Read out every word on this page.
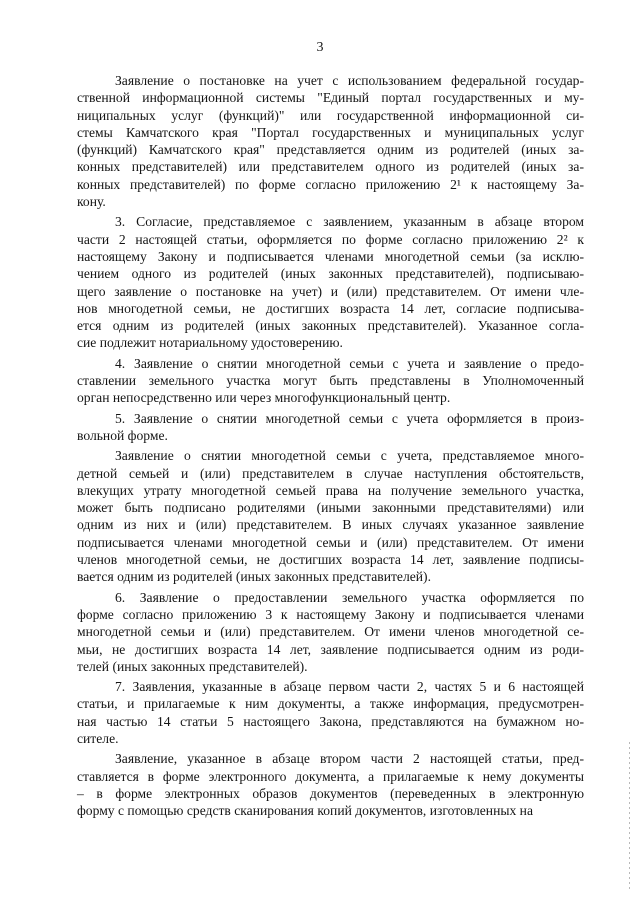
3

Заявление о постановке на учет с использованием федеральной государ-
ственной информационной системы "Единый портал государственных и му-
ниципальных услуг (функций)" или государственной информационной си-
стемы Камчатского края "Портал государственных и муниципальных услуг
(функций) Камчатского края" представляется одним из родителей (иных за-
конных представителей) или представителем одного из родителей (иных за-
конных представителей) по форме согласно приложению 2¹ к настоящему За-
кону.

3. Согласие, представляемое с заявлением, указанным в абзаце втором
части 2 настоящей статьи, оформляется по форме согласно приложению 2² к
настоящему Закону и подписывается членами многодетной семьи (за исклю-
чением одного из родителей (иных законных представителей), подписываю-
щего заявление о постановке на учет) и (или) представителем. От имени чле-
нов многодетной семьи, не достигших возраста 14 лет, согласие подписыва-
ется одним из родителей (иных законных представителей). Указанное согла-
сие подлежит нотариальному удостоверению.

4. Заявление о снятии многодетной семьи с учета и заявление о предо-
ставлении земельного участка могут быть представлены в Уполномоченный
орган непосредственно или через многофункциональный центр.

5. Заявление о снятии многодетной семьи с учета оформляется в произ-
вольной форме.

Заявление о снятии многодетной семьи с учета, представляемое много-
детной семьей и (или) представителем в случае наступления обстоятельств,
влекущих утрату многодетной семьей права на получение земельного участка,
может быть подписано родителями (иными законными представителями) или
одним из них и (или) представителем. В иных случаях указанное заявление
подписывается членами многодетной семьи и (или) представителем. От имени
членов многодетной семьи, не достигших возраста 14 лет, заявление подписы-
вается одним из родителей (иных законных представителей).

6. Заявление о предоставлении земельного участка оформляется по
форме согласно приложению 3 к настоящему Закону и подписывается членами
многодетной семьи и (или) представителем. От имени членов многодетной се-
мьи, не достигших возраста 14 лет, заявление подписывается одним из роди-
телей (иных законных представителей).

7. Заявления, указанные в абзаце первом части 2, частях 5 и 6 настоящей
статьи, и прилагаемые к ним документы, а также информация, предусмотрен-
ная частью 14 статьи 5 настоящего Закона, представляются на бумажном но-
сителе.

Заявление, указанное в абзаце втором части 2 настоящей статьи, пред-
ставляется в форме электронного документа, а прилагаемые к нему документы
– в форме электронных образов документов (переведенных в электронную
форму с помощью средств сканирования копий документов, изготовленных на
